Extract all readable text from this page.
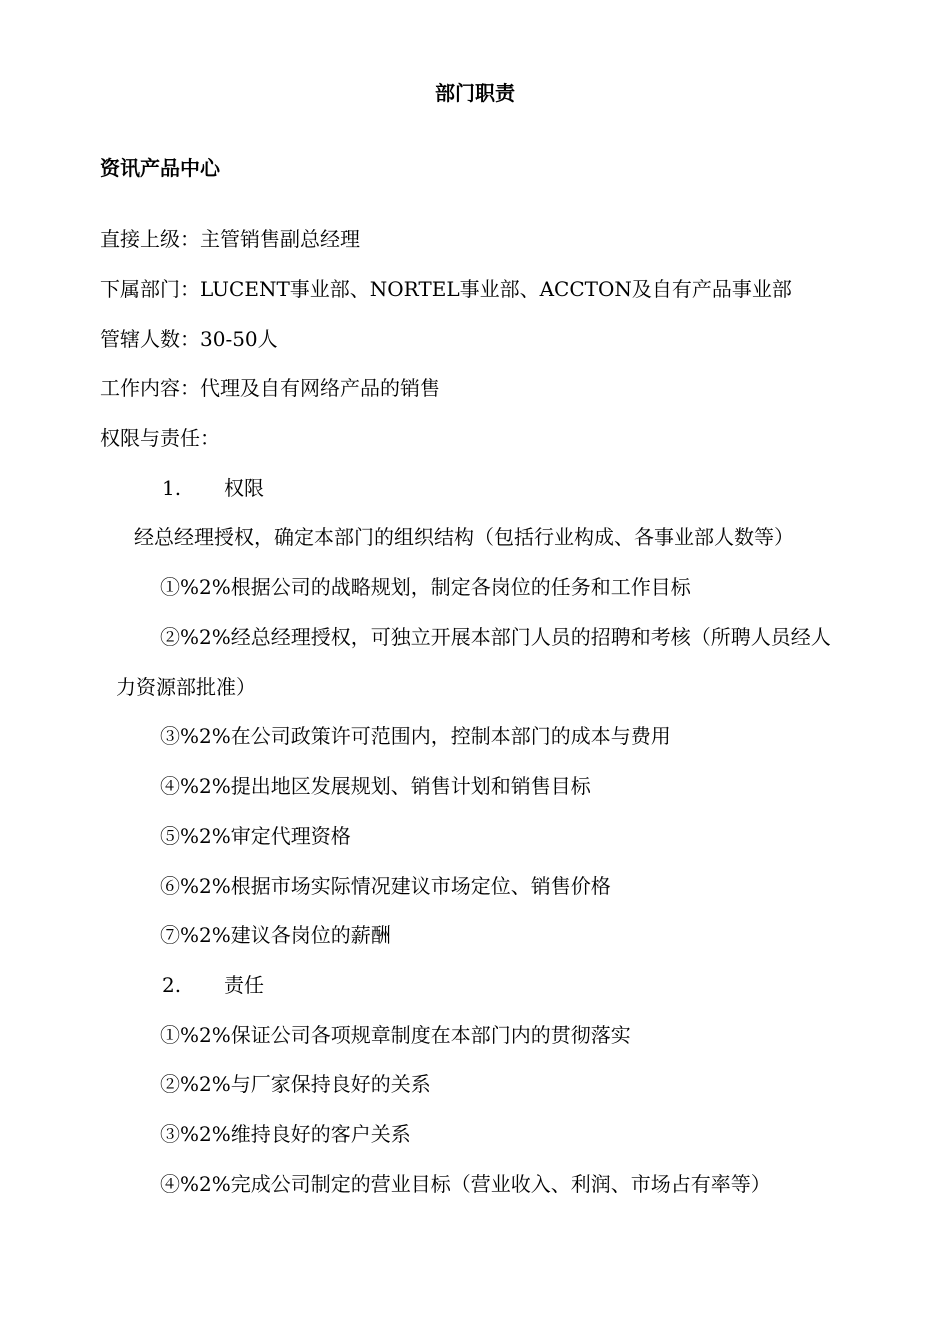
部门职责
资讯产品中心
直接上级：主管销售副总经理
下属部门：LUCENT事业部、NORTEL事业部、ACCTON及自有产品事业部
管辖人数：30-50人
工作内容：代理及自有网络产品的销售
权限与责任：
1. 权限
经总经理授权，确定本部门的组织结构（包括行业构成、各事业部人数等）
①%2%根据公司的战略规划，制定各岗位的任务和工作目标
②%2%经总经理授权，可独立开展本部门人员的招聘和考核（所聘人员经人
力资源部批准）
③%2%在公司政策许可范围内，控制本部门的成本与费用
④%2%提出地区发展规划、销售计划和销售目标
⑤%2%审定代理资格
⑥%2%根据市场实际情况建议市场定位、销售价格
⑦%2%建议各岗位的薪酬
2. 责任
①%2%保证公司各项规章制度在本部门内的贯彻落实
②%2%与厂家保持良好的关系
③%2%维持良好的客户关系
④%2%完成公司制定的营业目标（营业收入、利润、市场占有率等）
